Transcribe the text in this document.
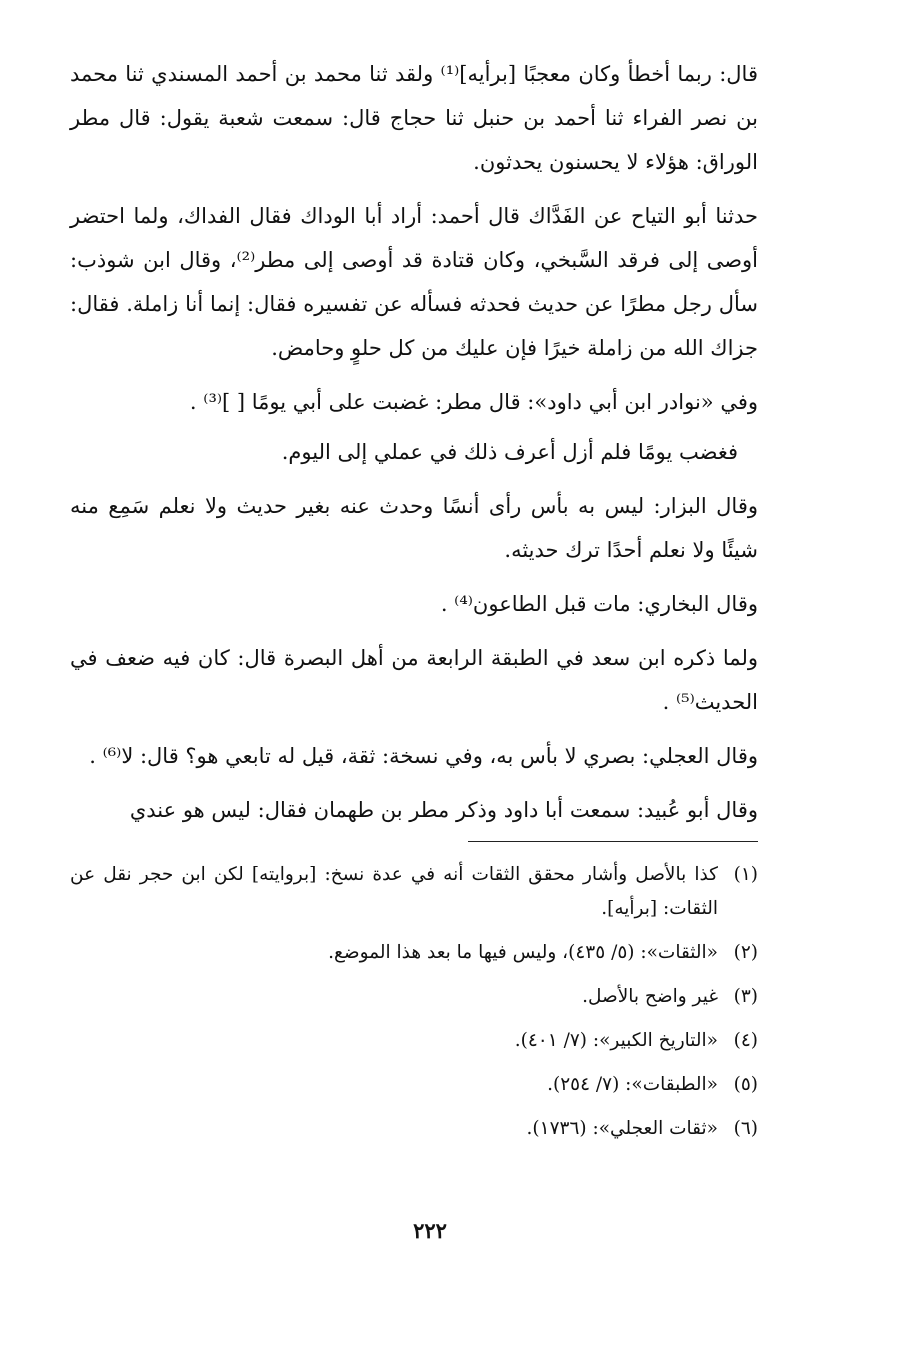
قال: ربما أخطأ وكان معجبًا [برأيه]⁽¹⁾ ولقد ثنا محمد بن أحمد المسندي ثنا محمد بن نصر الفراء ثنا أحمد بن حنبل ثنا حجاج قال: سمعت شعبة يقول: قال مطر الوراق: هؤلاء لا يحسنون يحدثون.

حدثنا أبو التياح عن الفَدَّاك قال أحمد: أراد أبا الوداك فقال الفداك، ولما احتضر أوصى إلى فرقد السَّبخي، وكان قتادة قد أوصى إلى مطر⁽²⁾، وقال ابن شوذب: سأل رجل مطرًا عن حديث فحدثه فسأله عن تفسيره فقال: إنما أنا زاملة. فقال: جزاك الله من زاملة خيرًا فإن عليك من كل حلوٍ وحامض.

وفي «نوادر ابن أبي داود»: قال مطر: غضبت على أبي يومًا [ ]⁽³⁾ .

فغضب يومًا فلم أزل أعرف ذلك في عملي إلى اليوم.

وقال البزار: ليس به بأس رأى أنسًا وحدث عنه بغير حديث ولا نعلم سَمِع منه شيئًا ولا نعلم أحدًا ترك حديثه.

وقال البخاري: مات قبل الطاعون⁽⁴⁾ .

ولما ذكره ابن سعد في الطبقة الرابعة من أهل البصرة قال: كان فيه ضعف في الحديث⁽⁵⁾ .

وقال العجلي: بصري لا بأس به، وفي نسخة: ثقة، قيل له تابعي هو؟ قال: لا⁽⁶⁾ .

وقال أبو عُبيد: سمعت أبا داود وذكر مطر بن طهمان فقال: ليس هو عندي

(١)
كذا بالأصل وأشار محقق الثقات أنه في عدة نسخ: [بروايته] لكن ابن حجر نقل عن الثقات: [برأيه].
(٢)
«الثقات»: (٥/ ٤٣٥)، وليس فيها ما بعد هذا الموضع.
(٣)
غير واضح بالأصل.
(٤)
«التاريخ الكبير»: (٧/ ٤٠١).
(٥)
«الطبقات»: (٧/ ٢٥٤).
(٦)
«ثقات العجلي»: (١٧٣٦).
٢٢٢
